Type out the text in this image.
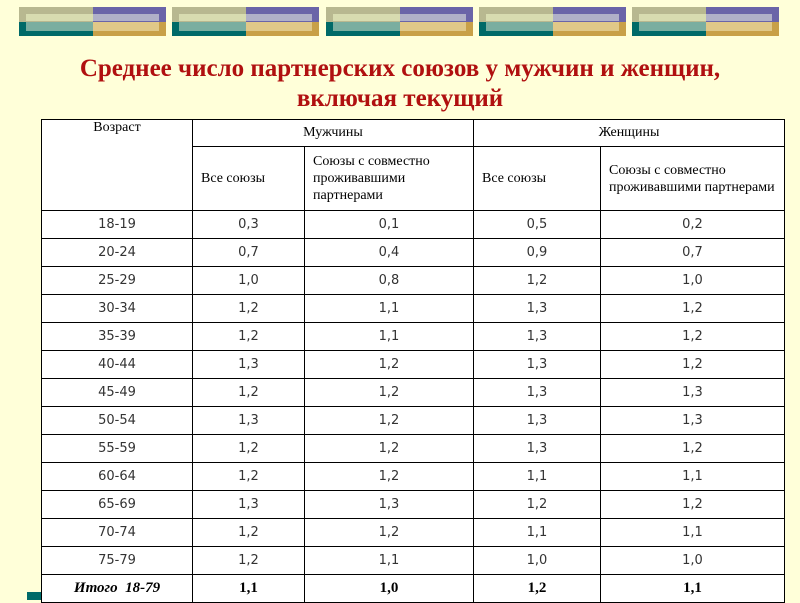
Среднее число партнерских союзов у мужчин и женщин,
включая текущий
Возраст	Мужчины		Женщины	
	Все союзы	Союзы с совместно проживавшими партнерами	Все союзы	Союзы с совместно проживавшими партнерами
18-19	0,3	0,1	0,5	0,2
20-24	0,7	0,4	0,9	0,7
25-29	1,0	0,8	1,2	1,0
30-34	1,2	1,1	1,3	1,2
35-39	1,2	1,1	1,3	1,2
40-44	1,3	1,2	1,3	1,2
45-49	1,2	1,2	1,3	1,3
50-54	1,3	1,2	1,3	1,3
55-59	1,2	1,2	1,3	1,2
60-64	1,2	1,2	1,1	1,1
65-69	1,3	1,3	1,2	1,2
70-74	1,2	1,2	1,1	1,1
75-79	1,2	1,1	1,0	1,0
Итого  18-79	1,1	1,0	1,2	1,1
